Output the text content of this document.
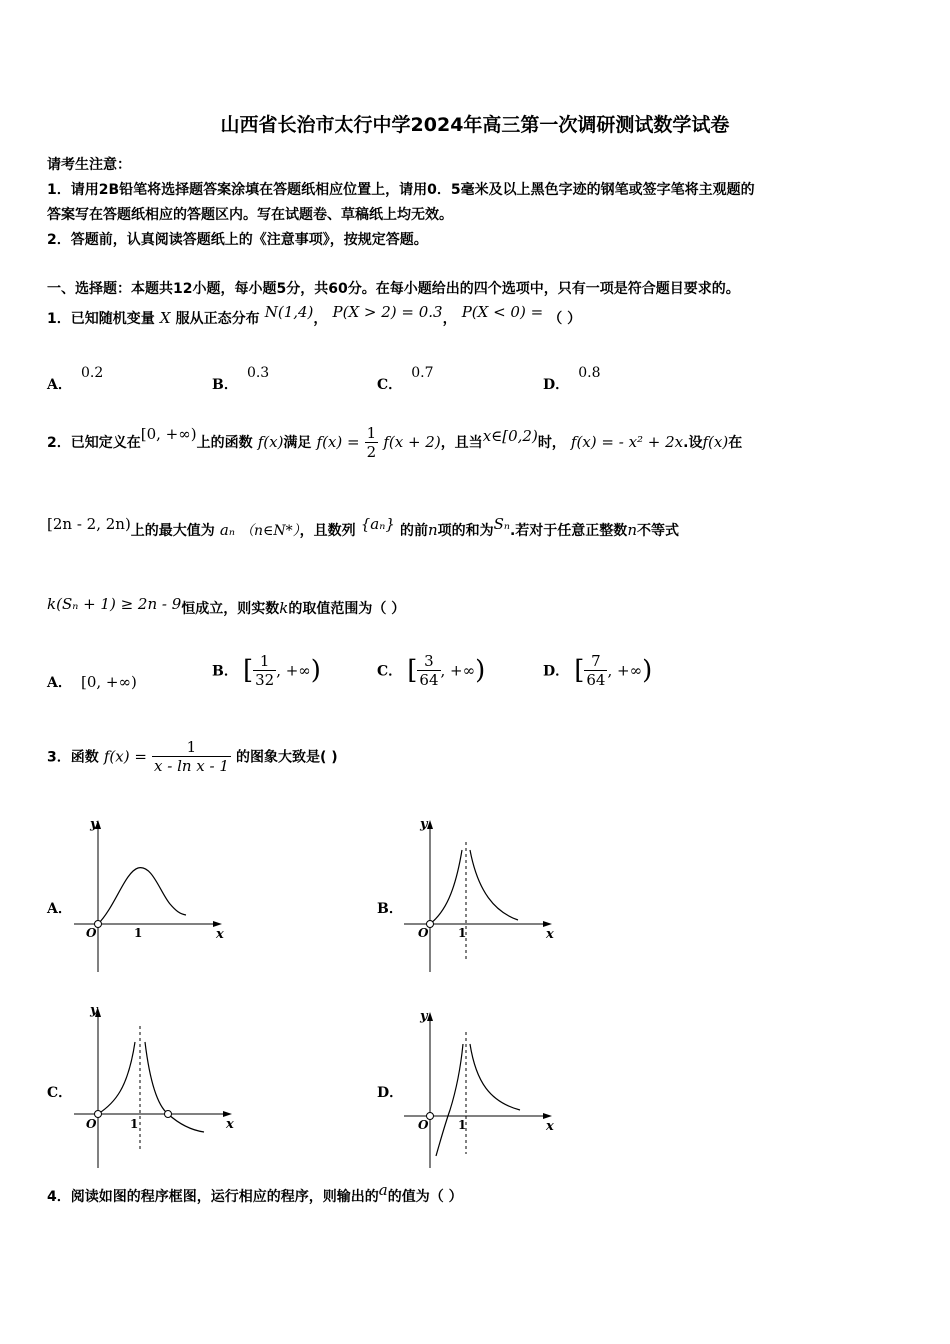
山西省长治市太行中学2024年高三第一次调研测试数学试卷
请考生注意：
1．请用2B铅笔将选择题答案涂填在答题纸相应位置上，请用0．5毫米及以上黑色字迹的钢笔或签字笔将主观题的
答案写在答题纸相应的答题区内。写在试题卷、草稿纸上均无效。
2．答题前，认真阅读答题纸上的《注意事项》，按规定答题。
一、选择题：本题共12小题，每小题5分，共60分。在每小题给出的四个选项中，只有一项是符合题目要求的。
1．已知随机变量 X 服从正态分布 N(1,4)， P(X > 2) = 0.3， P(X < 0) = （ ）
A． 0.2
B． 0.3
C． 0.7
D． 0.8
2．已知定义在[0, +∞)上的函数 f(x)满足 $f(x) = \frac{1}{2} f(x + 2)$，且当x∈[0,2)时， f(x) = - x² + 2x.设f(x)在
[2n - 2, 2n)上的最大值为 aₙ （n∈N*），且数列 {aₙ} 的前n项的和为Sₙ.若对于任意正整数n不等式
k(Sₙ + 1) ≥ 2n - 9恒成立，则实数k的取值范围为（ ）
A． [0, +∞)
B． [ $\frac{1}{32}$ , +∞)	C． [ $\frac{3}{64}$ , +∞)	D． [ $\frac{7}{64}$ , +∞)
3．函数 $f(x) = \frac{1}{\text{x - ln x - 1}}$ 的图象大致是( )
A．	B．
C．	D．
y
x
O	1
y
x
O 1
y
x
O	1
y
x
O 1
4．阅读如图的程序框图，运行相应的程序，则输出的a的值为（ ）
